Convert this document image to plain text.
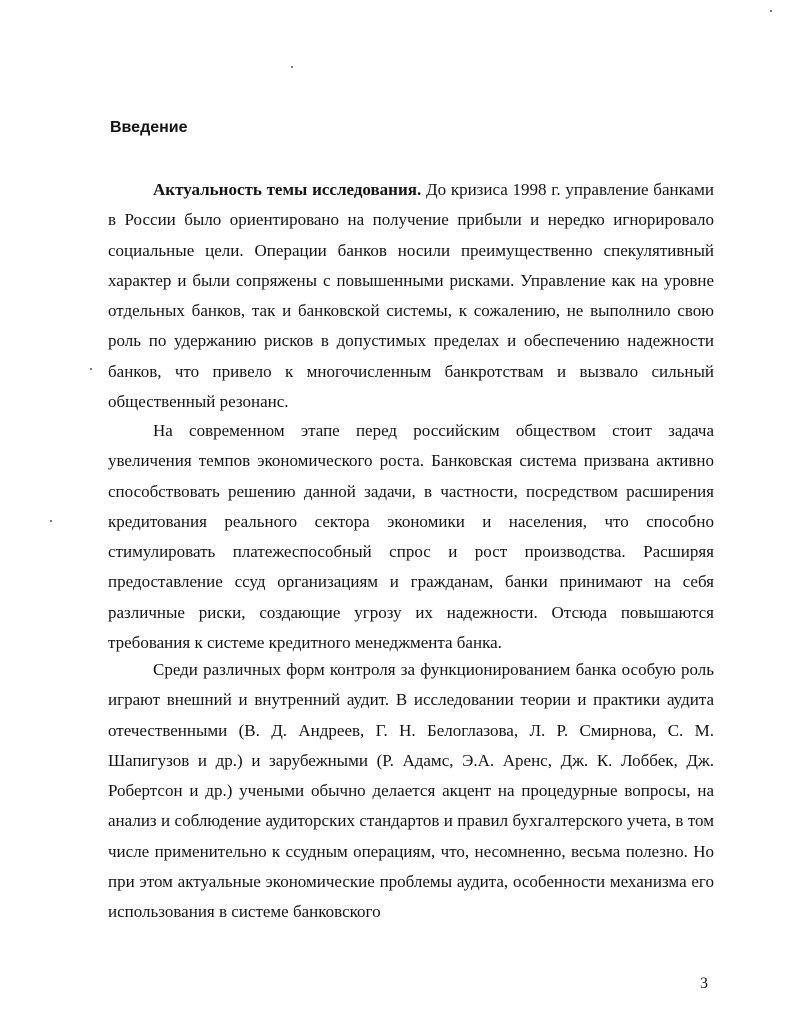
Введение

Актуальность темы исследования. До кризиса 1998 г. управление банками в России было ориентировано на получение прибыли и нередко игнорировало социальные цели. Операции банков носили преимущественно спекулятивный характер и были сопряжены с повышенными рисками. Управление как на уровне отдельных банков, так и банковской системы, к сожалению, не выполнило свою роль по удержанию рисков в допустимых пределах и обеспечению надежности банков, что привело к многочисленным банкротствам и вызвало сильный общественный резонанс.

На современном этапе перед российским обществом стоит задача увеличения темпов экономического роста. Банковская система призвана активно способствовать решению данной задачи, в частности, посредством расширения кредитования реального сектора экономики и населения, что способно стимулировать платежеспособный спрос и рост производства. Расширяя предоставление ссуд организациям и гражданам, банки принимают на себя различные риски, создающие угрозу их надежности. Отсюда повышаются требования к системе кредитного менеджмента банка.

Среди различных форм контроля за функционированием банка особую роль играют внешний и внутренний аудит. В исследовании теории и практики аудита отечественными (В. Д. Андреев, Г. Н. Белоглазова, Л. Р. Смирнова, С. М. Шапигузов и др.) и зарубежными (Р. Адамс, Э.А. Аренс, Дж. К. Лоббек, Дж. Робертсон и др.) учеными обычно делается акцент на процедурные вопросы, на анализ и соблюдение аудиторских стандартов и правил бухгалтерского учета, в том числе применительно к ссудным операциям, что, несомненно, весьма полезно. Но при этом актуальные экономические проблемы аудита, особенности механизма его использования в системе банковского

3
